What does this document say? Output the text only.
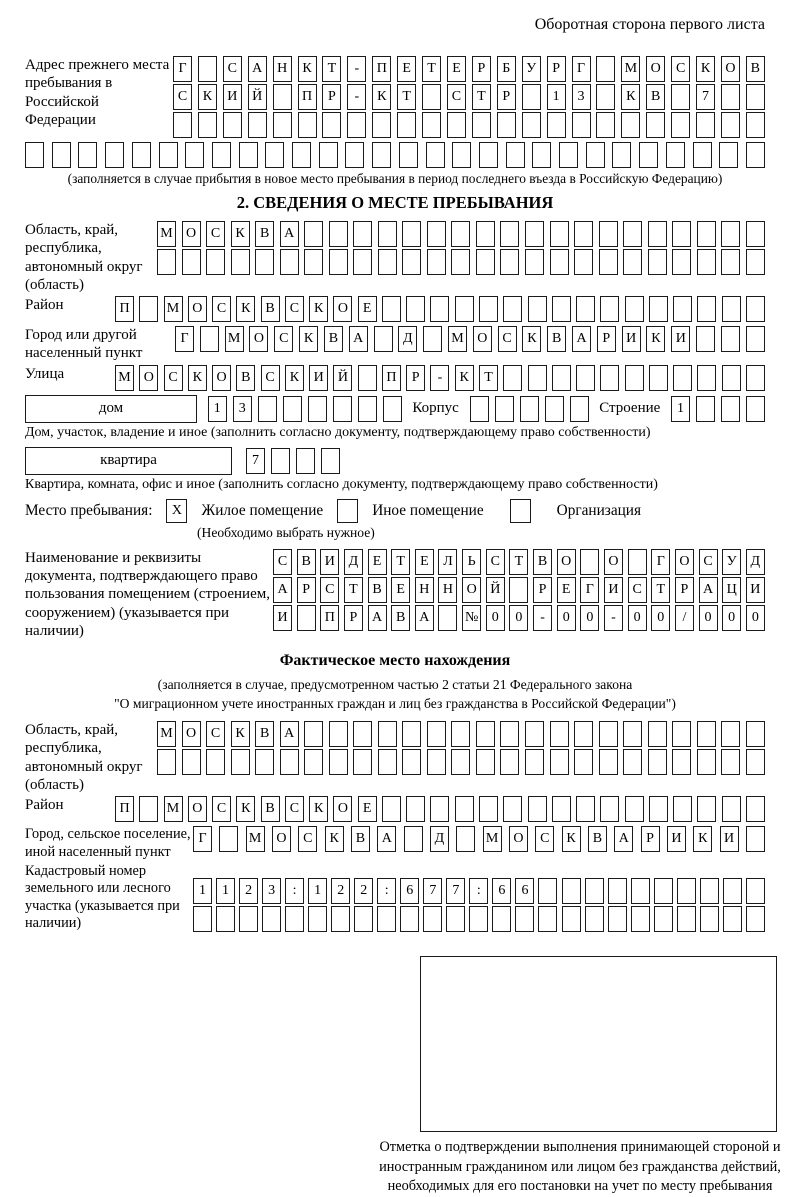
Оборотная сторона первого листа
Адрес прежнего места пребывания в Российской Федерации
Г	С	А	Н	К	Т	-	П	Е	Т	Е	Р	Б	У	Р	Г	М О	С	К	О	В
С	К	И	Й	П	Р	-	К	Т	С	Т	Р	1	3	К	В	7
(заполняется в случае прибытия в новое место пребывания в период последнего въезда в Российскую Федерацию)
2. СВЕДЕНИЯ О МЕСТЕ ПРЕБЫВАНИЯ
Область, край, республика, автономный округ (область)
М О	С	К	В	А
Район	П	М О	С	К	В	С	К	О	Е
Город или другой населенный пункт
Г	М О	С	К	В	А	Д	М О	С	К	В	А	Р	И	К	И
Улица	М О	С	К	О	В	С	К	И	Й	П	Р	-	К	Т
дом	1	3	Корпус	Строение	1
Дом, участок, владение и иное (заполнить согласно документу, подтверждающему право собственности)
квартира	7
Квартира, комната, офис и иное (заполнить согласно документу, подтверждающему право собственности)
Место пребывания:	X	Жилое помещение	Иное помещение	Организация
(Необходимо выбрать нужное)
Наименование и реквизиты документа, подтверждающего право пользования помещением (строением, сооружением) (указывается при наличии)
С	В И Д	Е	Т	Е	Л	Ь	С	Т	В О	О	Г	О С	У Д
А	Р	С	Т	В	Е	Н Н О Й	Р	Е	Г	И С	Т	Р	А Ц И
И	П	Р	А В А	№ 0	0	-	0	0	-	0	0	/	0	0	0
Фактическое место нахождения
(заполняется в случае, предусмотренном частью 2 статьи 21 Федерального закона
"О миграционном учете иностранных граждан и лиц без гражданства в Российской Федерации")
Область, край, республика, автономный округ (область)
М О	С	К	В	А
Район	П	М О	С	К	В	С	К	О	Е
Город, сельское поселение, иной населенный пункт
Г	М	О	С	К	В	А	Д	М	О	С	К	В	А	Р	И	К	И
Кадастровый номер земельного или лесного участка (указывается при наличии)
1	1	2	3	:	1	2	2	:	6	7	7	:	6	6
Отметка о подтверждении выполнения принимающей стороной и иностранным гражданином или лицом без гражданства действий, необходимых для его постановки на учет по месту пребывания
